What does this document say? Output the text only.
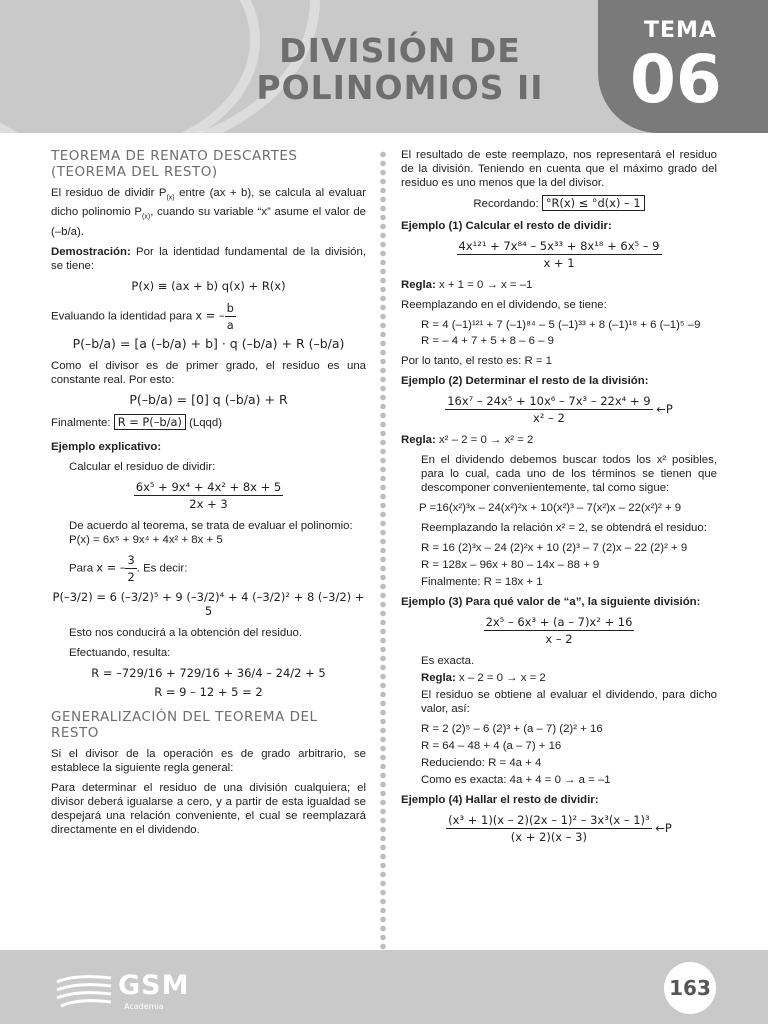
DIVISIÓN DE
POLINOMIOS II
TEMA
06
TEOREMA DE RENATO DESCARTES
(TEOREMA DEL RESTO)

El residuo de dividir $P_{(x)}$ entre (ax + b), se calcula al evaluar dicho polinomio $P_{(x)}$, cuando su variable “x” asume el valor de (–b/a).

Demostración: Por la identidad fundamental de la división, se tiene:

P(x) ≡ (ax + b) q(x) + R(x)
Evaluando la identidad para x = – $\frac{b}{a}$
P(–b/a) = [a (–b/a) + b] · q (–b/a) + R (–b/a)

Como el divisor es de primer grado, el residuo es una constante real. Por esto:

P(–b/a) = [0] q (–b/a) + R
Finalmente: R = P(–b/a) (Lqqd)

Ejemplo explicativo:

Calcular el residuo de dividir:

$\frac{\text{6x⁵ + 9x⁴ + 4x² + 8x + 5}}{2x + 3}$

De acuerdo al teorema, se trata de evaluar el polinomio:

P(x) = 6x⁵ + 9x⁴ + 4x² + 8x + 5

Para x = – $\frac{3}{2}$ . Es decir:
P(–3/2) = 6 (–3/2)⁵ + 9 (–3/2)⁴ + 4 (–3/2)² + 8 (–3/2) + 5

Esto nos conducirá a la obtención del residuo.

Efectuando, resulta:

R = –729/16 + 729/16 + 36/4 – 24/2 + 5
R = 9 – 12 + 5 = 2
GENERALIZACIÓN DEL TEOREMA DEL
RESTO

Si el divisor de la operación es de grado arbitrario, se establece la siguiente regla general:

Para determinar el residuo de una división cualquiera; el divisor deberá igualarse a cero, y a partir de esta igualdad se despejará una relación conveniente, el cual se reemplazará directamente en el dividendo.

El resultado de este reemplazo, nos representará el residuo de la división. Teniendo en cuenta que el máximo grado del residuo es uno menos que la del divisor.

Recordando: °R(x) ≤ °d(x) – 1

Ejemplo (1) Calcular el resto de dividir:

$\frac{\text{4x¹²¹ + 7x⁸⁴ – 5x³³ + 8x¹⁸ + 6x⁵ – 9}}{x + 1}$

Regla: x + 1 = 0 → x = –1

Reemplazando en el dividendo, se tiene:

R = 4 (–1)¹²¹ + 7 (–1)⁸⁴ – 5 (–1)³³ + 8 (–1)¹⁸ + 6 (–1)⁵ –9

R = – 4 + 7 + 5 + 8 – 6 – 9

Por lo tanto, el resto es: R = 1

Ejemplo (2) Determinar el resto de la división:

$\frac{\text{16x⁷ – 24x⁵ + 10x⁶ – 7x³ – 22x⁴ + 9}}{\text{x² – 2}}$ ←P

Regla: x² – 2 = 0 → x² = 2

En el dividendo debemos buscar todos los x² posibles, para lo cual, cada uno de los términos se tienen que descomponer convenientemente, tal como sigue:

P =16(x²)³x – 24(x²)²x + 10(x²)³ – 7(x²)x – 22(x²)² + 9

Reemplazando la relación x² = 2, se obtendrá el residuo:

R = 16 (2)³x – 24 (2)²x + 10 (2)³ – 7 (2)x – 22 (2)² + 9

R = 128x – 96x + 80 – 14x – 88 + 9

Finalmente: R = 18x + 1

Ejemplo (3) Para qué valor de “a”, la siguiente división:

$\frac{\text{2x⁵ – 6x³ + (a – 7)x² + 16}}{x - 2}$

Es exacta.

Regla: x – 2 = 0 → x = 2

El residuo se obtiene al evaluar el dividendo, para dicho valor, así:

R = 2 (2)⁵ – 6 (2)³ + (a – 7) (2)² + 16

R = 64 – 48 + 4 (a – 7) + 16

Reduciendo: R = 4a + 4

Como es exacta: 4a + 4 = 0 → a = –1

Ejemplo (4) Hallar el resto de dividir:

$\frac{\text{(x³ + 1)(x – 2)(2x – 1)² – 3x³(x – 1)³}}{(x + 2)(x - 3)}$ ←P
GSM
Academia
163
